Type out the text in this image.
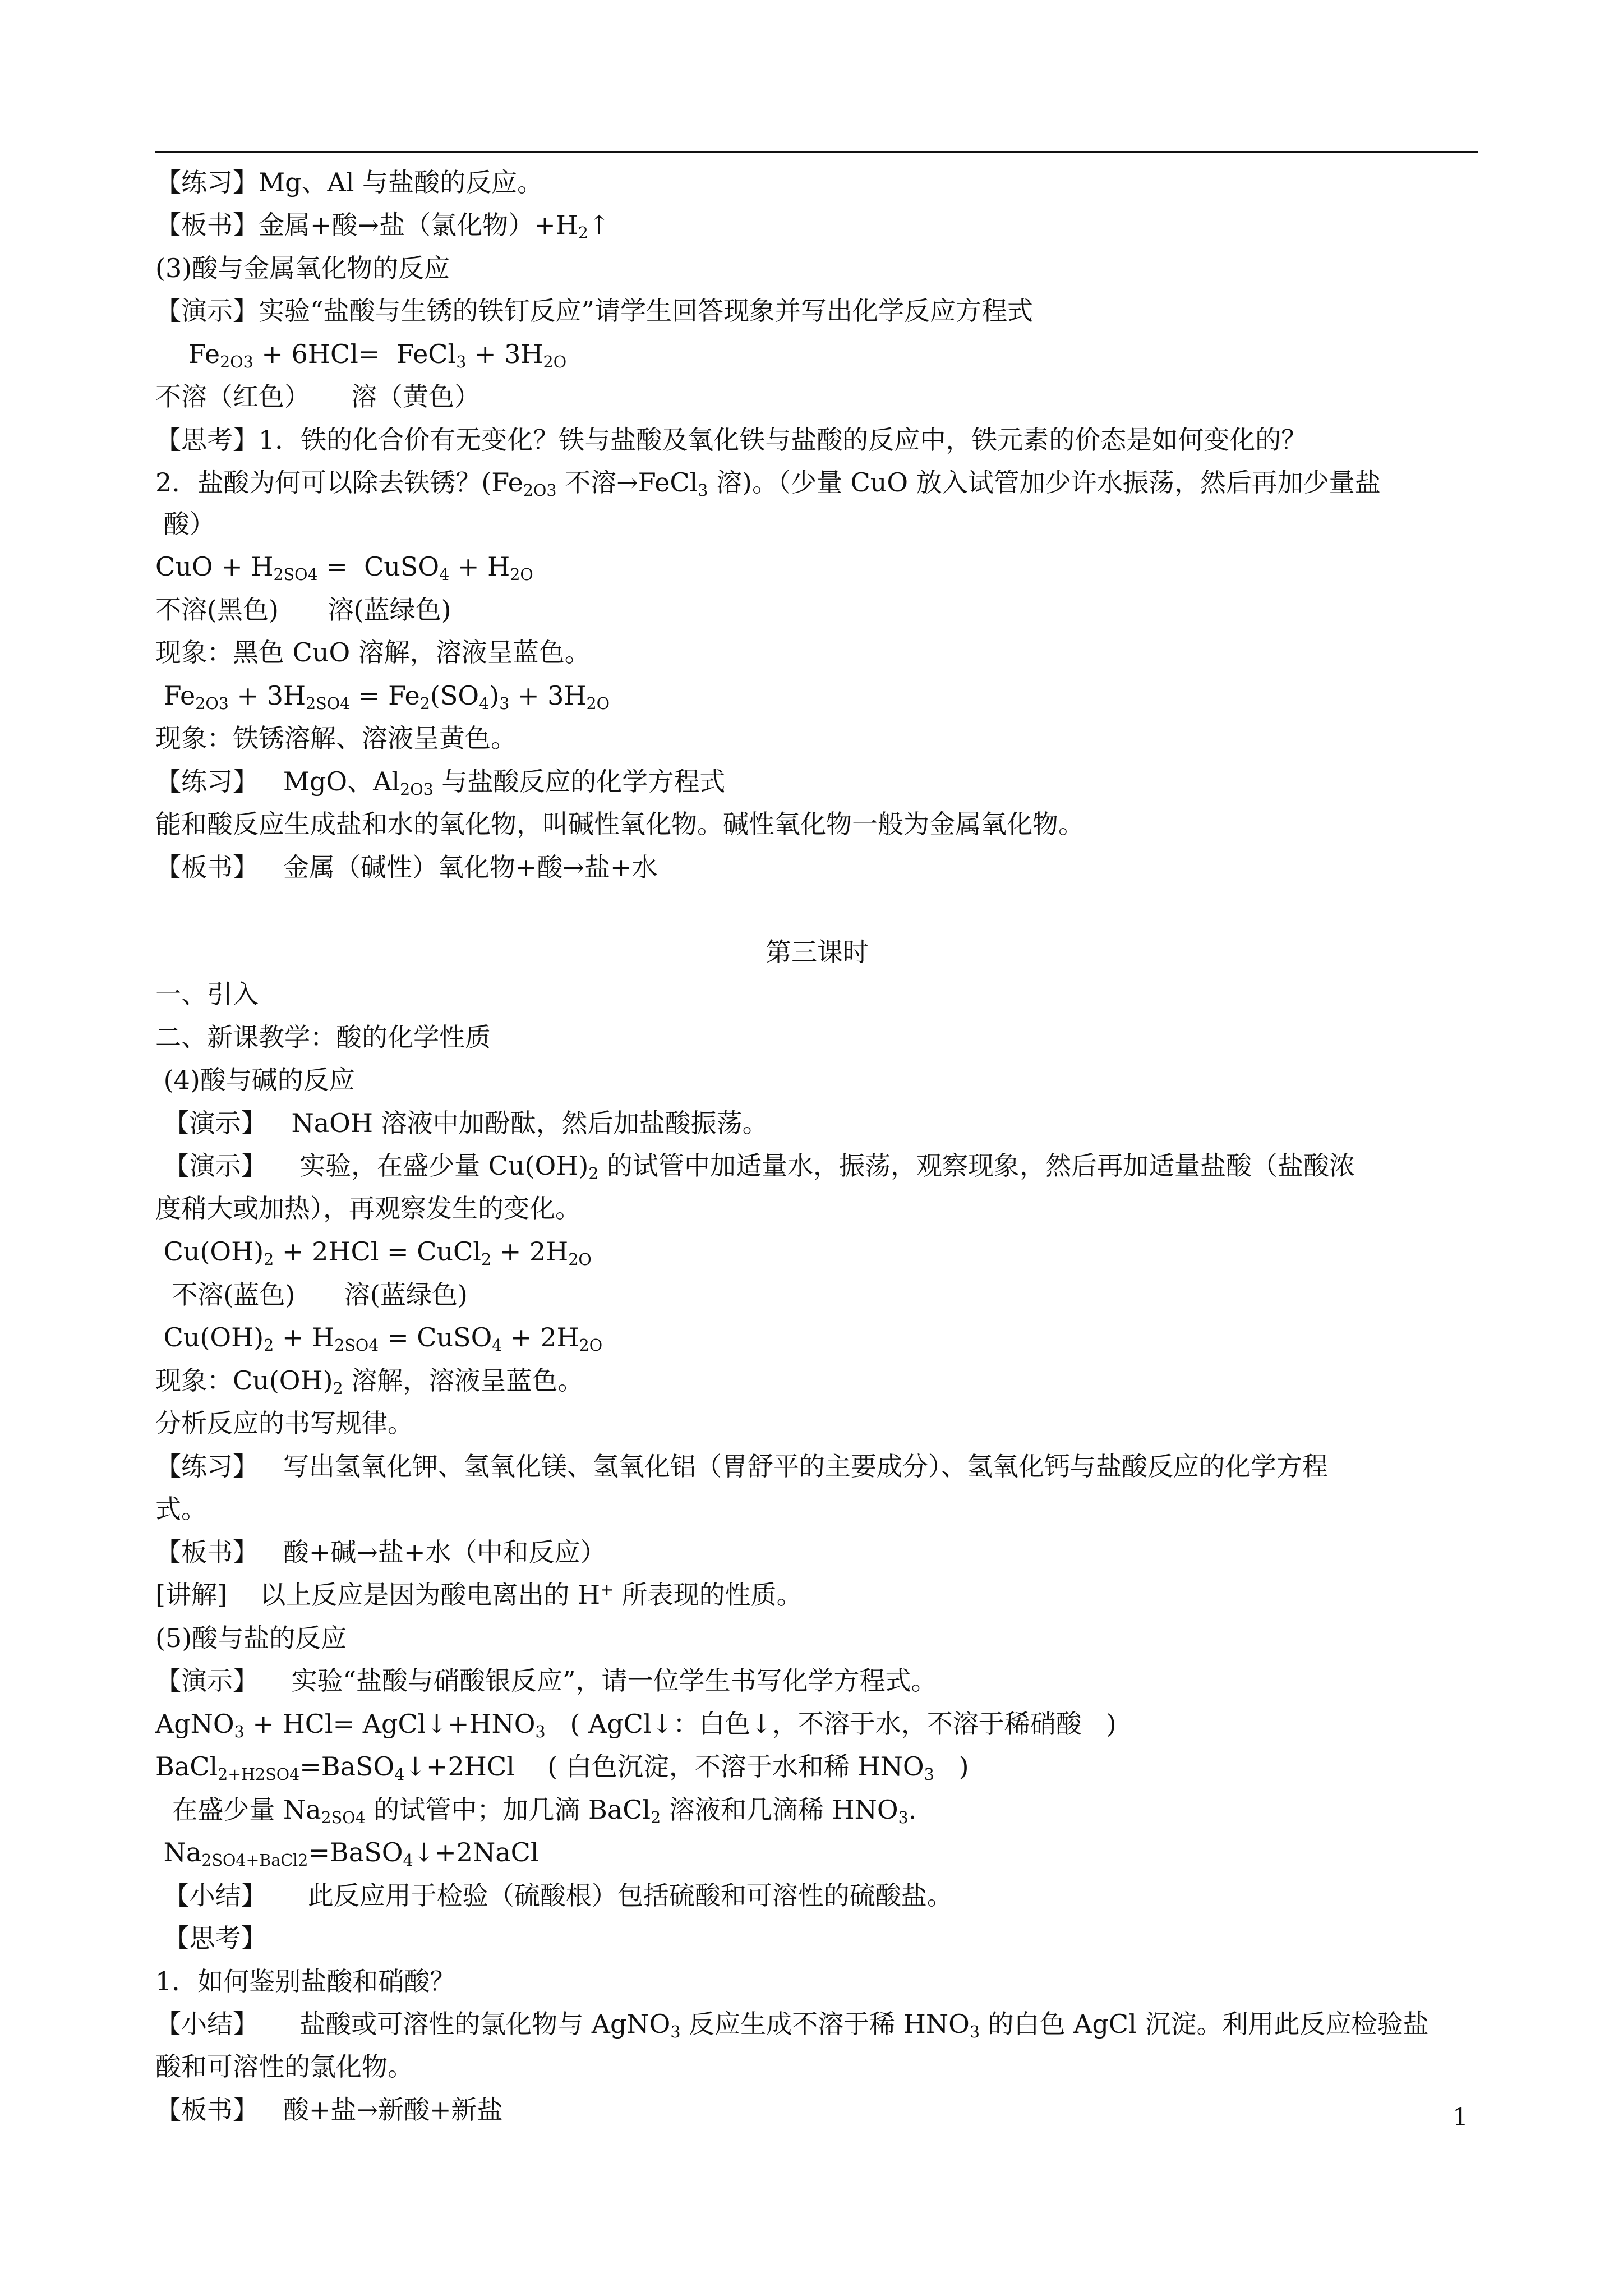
【练习】Mg、Al 与盐酸的反应。
【板书】金属+酸→盐（氯化物）$+H_2↑$
(3)酸与金属氧化物的反应
【演示】实验“盐酸与生锈的铁钉反应”请学生回答现象并写出化学反应方程式
$Fe_{2O3} + 6HCl=$  FeCl$_3$ + $3H_{2O}$
不溶（红色）     溶（黄色）
【思考】1．铁的化合价有无变化？铁与盐酸及氧化铁与盐酸的反应中，铁元素的价态是如何变化的？
2．盐酸为何可以除去铁锈？($Fe_{2O3}$ 不溶→FeCl$_3$ 溶)。（少量 CuO 放入试管加少许水振荡，然后再加少量盐
酸）
CuO + $H_{2SO4}$ =  CuSO$_4$ + $H_{2O}$
不溶(黑色)      溶(蓝绿色)
现象：黑色 CuO 溶解，溶液呈蓝色。
$Fe_{2O3} + 3H_{2SO4} = Fe_2(SO_4)_3 + 3H_{2O}$
现象：铁锈溶解、溶液呈黄色。
【练习】   MgO、$Al_{2O3}$ 与盐酸反应的化学方程式
能和酸反应生成盐和水的氧化物，叫碱性氧化物。碱性氧化物一般为金属氧化物。
【板书】   金属（碱性）氧化物+酸→盐+水
一、引入
二、新课教学：酸的化学性质
(4)酸与碱的反应
【演示】   NaOH 溶液中加酚酞，然后加盐酸振荡。
【演示】    实验，在盛少量 $Cu(OH)_2$ 的试管中加适量水，振荡，观察现象，然后再加适量盐酸（盐酸浓
度稍大或加热），再观察发生的变化。
$Cu(OH)_2 + 2HCl$ = CuCl$_2$ + $2H_{2O}$
不溶(蓝色)      溶(蓝绿色)
$Cu(OH)_2 + H_{2SO4}$ = CuSO$_4$ + $2H_{2O}$
现象：$Cu(OH)_2$ 溶解，溶液呈蓝色。
分析反应的书写规律。
【练习】   写出氢氧化钾、氢氧化镁、氢氧化铝（胃舒平的主要成分）、氢氧化钙与盐酸反应的化学方程
式。
【板书】   酸+碱→盐+水（中和反应）
[讲解]    以上反应是因为酸电离出的 H+ 所表现的性质。
(5)酸与盐的反应
【演示】    实验“盐酸与硝酸银反应”，请一位学生书写化学方程式。
AgNO$_3$ + $HCl= AgCl↓+HNO_3$   ( AgCl↓：白色↓，不溶于水，不溶于稀硝酸   )
BaCl$_{2+H2SO4}$=BaSO$_4$↓+2HCl    ( 白色沉淀，不溶于水和稀 $HNO_3$   )
在盛少量 $Na_{2SO4}$ 的试管中；加几滴 BaCl$_2$ 溶液和几滴稀 $HNO_3$.
$Na_{2SO4+BaCl2}=BaSO_4↓+2NaCl$
【小结】     此反应用于检验（硫酸根）包括硫酸和可溶性的硫酸盐。
【思考】
1．如何鉴别盐酸和硝酸？
【小结】     盐酸或可溶性的氯化物与 AgNO$_3$ 反应生成不溶于稀 $HNO_3$ 的白色 AgCl 沉淀。利用此反应检验盐
酸和可溶性的氯化物。
【板书】   酸+盐→新酸+新盐
第三课时
1
